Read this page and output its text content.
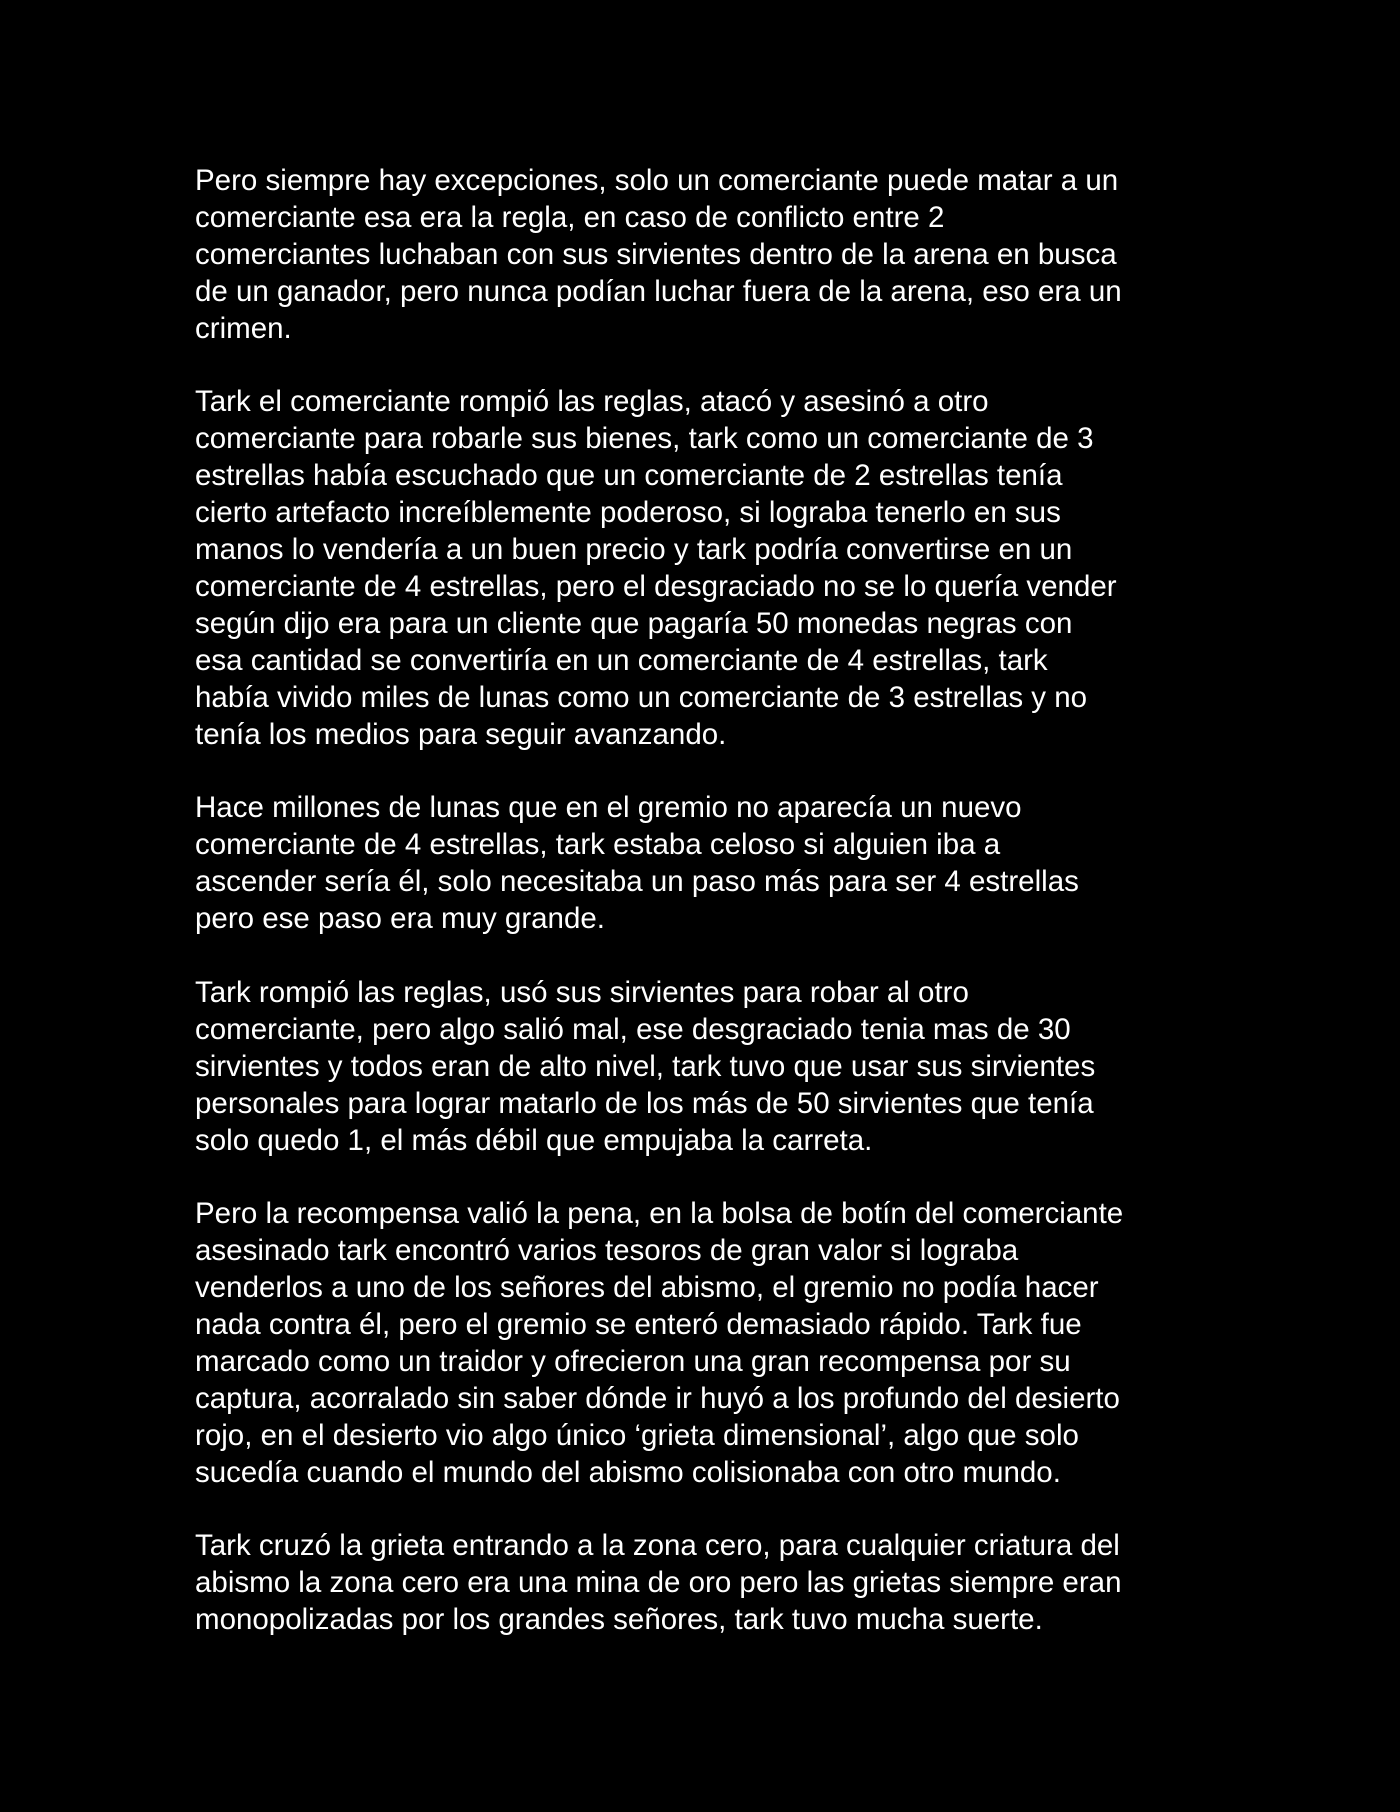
Pero siempre hay excepciones, solo un comerciante puede matar a un
comerciante esa era la regla, en caso de conflicto entre 2
comerciantes luchaban con sus sirvientes dentro de la arena en busca
de un ganador, pero nunca podían luchar fuera de la arena, eso era un
crimen.

Tark el comerciante rompió las reglas, atacó y asesinó a otro
comerciante para robarle sus bienes, tark como un comerciante de 3
estrellas había escuchado que un comerciante de 2 estrellas tenía
cierto artefacto increíblemente poderoso, si lograba tenerlo en sus
manos lo vendería a un buen precio y tark podría convertirse en un
comerciante de 4 estrellas, pero el desgraciado no se lo quería vender
según dijo era para un cliente que pagaría 50 monedas negras con
esa cantidad se convertiría en un comerciante de 4 estrellas, tark
había vivido miles de lunas como un comerciante de 3 estrellas y no
tenía los medios para seguir avanzando.

Hace millones de lunas que en el gremio no aparecía un nuevo
comerciante de 4 estrellas, tark estaba celoso si alguien iba a
ascender sería él, solo necesitaba un paso más para ser 4 estrellas
pero ese paso era muy grande.

Tark rompió las reglas, usó sus sirvientes para robar al otro
comerciante, pero algo salió mal, ese desgraciado tenia mas de 30
sirvientes y todos eran de alto nivel, tark tuvo que usar sus sirvientes
personales para lograr matarlo de los más de 50 sirvientes que tenía
solo quedo 1, el más débil que empujaba la carreta.

Pero la recompensa valió la pena, en la bolsa de botín del comerciante
asesinado tark encontró varios tesoros de gran valor si lograba
venderlos a uno de los señores del abismo, el gremio no podía hacer
nada contra él, pero el gremio se enteró demasiado rápido. Tark fue
marcado como un traidor y ofrecieron una gran recompensa por su
captura, acorralado sin saber dónde ir huyó a los profundo del desierto
rojo, en el desierto vio algo único ‘grieta dimensional’, algo que solo
sucedía cuando el mundo del abismo colisionaba con otro mundo.

Tark cruzó la grieta entrando a la zona cero, para cualquier criatura del
abismo la zona cero era una mina de oro pero las grietas siempre eran
monopolizadas por los grandes señores, tark tuvo mucha suerte.
